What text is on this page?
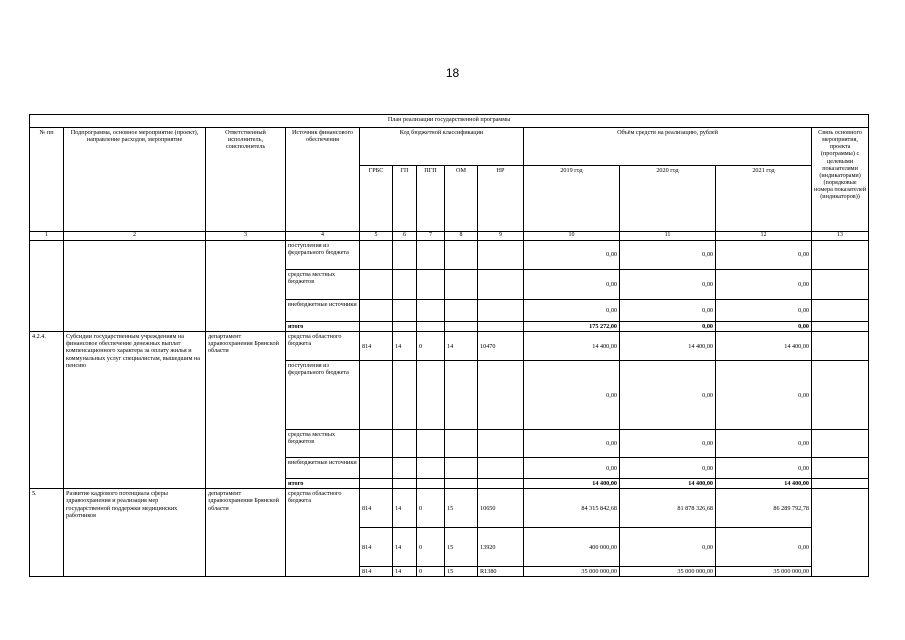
18
План реализации государственной программы												
№ пп	Подпрограмма, основное мероприятие (проект), направление расходов, мероприятие	Ответственный исполнитель, соисполнитель	Источник финансового обеспечения	Код бюджетной классификации					Объём средств на реализацию, рублей			Связь основного мероприятия, проекта (программы) с целевыми показателями (индикаторами) (порядковые номера показателей (индикаторов))
				ГРБС	ГП	ПГП	ОМ	НР	2019 год	2020 год	2021 год	
1	2	3	4	5	6	7	8	9	10	11	12	13
			поступления из федерального бюджета						0,00	0,00	0,00	
			средства местных бюджетов						0,00	0,00	0,00	
			внебюджетные источники						0,00	0,00	0,00	
			итого						175 272,00	0,00	0,00	
4.2.4.	Субсидии государственным учреждениям на финансовое обеспечение денежных выплат компенсационного характера за оплату жилья и коммунальных услуг специалистам, вышедшим на пенсию	департамент здравоохранения Брянской области	средства областного бюджета	814	14	0	14	10470	14 400,00	14 400,00	14 400,00	
			поступления из федерального бюджета						0,00	0,00	0,00	
			средства местных бюджетов						0,00	0,00	0,00	
			внебюджетные источники						0,00	0,00	0,00	
			итого						14 400,00	14 400,00	14 400,00	
5.	Развитие кадрового потенциала сферы здравоохранения и реализация мер государственной поддержки медицинских работников	департамент здравоохранения Брянской области	средства областного бюджета	814	14	0	15	10650	84 315 842,68	81 878 326,68	86 289 792,78	
				814	14	0	15	13920	400 000,00	0,00	0,00	
				814	14	0	15	R1380	35 000 000,00	35 000 000,00	35 000 000,00	
